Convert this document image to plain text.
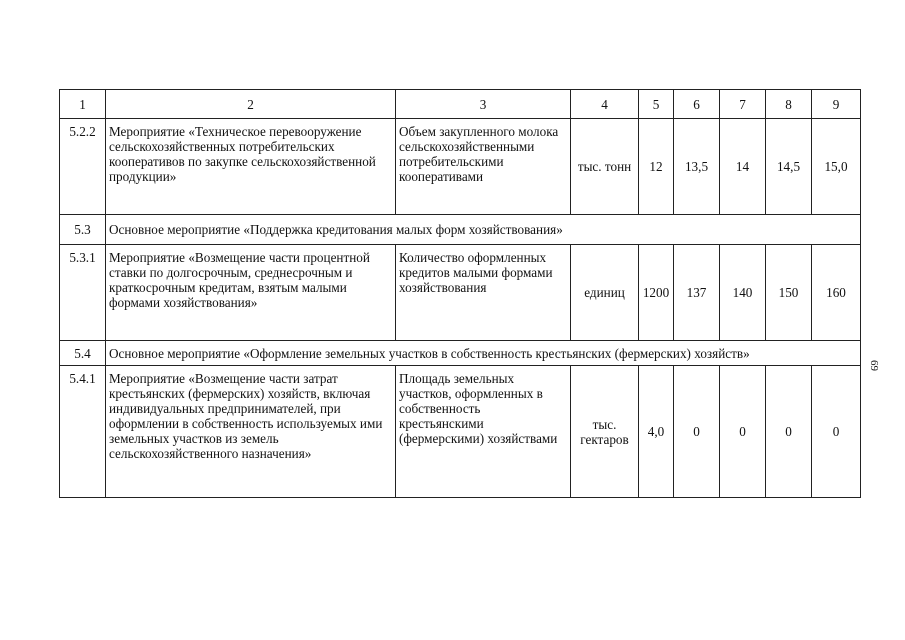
1	2	3	4	5	6	7	8	9
5.2.2	Мероприятие «Техническое перевооружение сельскохозяйственных потребительских кооперативов по закупке сельскохозяйственной продукции»	Объем закупленного молока сельскохозяйственными потребительскими кооперативами	тыс. тонн	12	13,5	14	14,5	15,0
5.3	Основное мероприятие «Поддержка кредитования малых форм хозяйствования»							
5.3.1	Мероприятие «Возмещение части процентной ставки по долгосрочным, среднесрочным и краткосрочным кредитам, взятым малыми формами хозяйствования»	Количество оформленных кредитов малыми формами хозяйствования	единиц	1200	137	140	150	160
5.4	Основное мероприятие «Оформление земельных участков в собственность крестьянских (фермерских) хозяйств»							
5.4.1	Мероприятие «Возмещение части затрат крестьянских (фермерских) хозяйств, включая индивидуальных предпринимателей, при оформлении в собственность используемых ими земельных участков из земель сельскохозяйственного назначения»	Площадь земельных участков, оформленных в собственность крестьянскими (фермерскими) хозяйствами	тыс. гектаров	4,0	0	0	0	0
69
